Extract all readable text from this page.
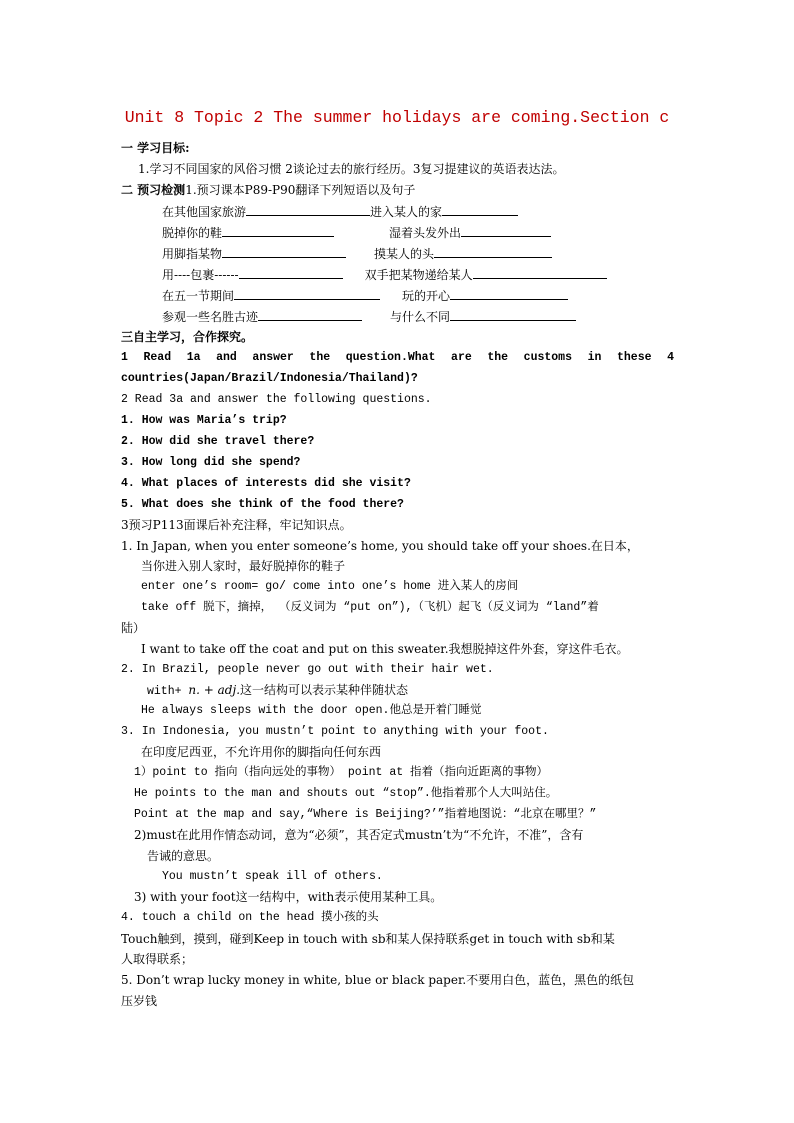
Unit 8 Topic 2 The summer holidays are coming.Section c
一 学习目标:
1.学习不同国家的风俗习惯 2谈论过去的旅行经历。3复习提建议的英语表达法。
二 预习检测1.预习课本P89-P90翻译下列短语以及句子
在其他国家旅游	进入某人的家
脱掉你的鞋	湿着头发外出
用脚指某物	摸某人的头
用----包裹------	双手把某物递给某人
在五一节期间	玩的开心
参观一些名胜古迹	与什么不同
三自主学习，合作探究。
1 Read 1a and answer the question.What are the customs in these 4
countries(Japan/Brazil/Indonesia/Thailand)?
2 Read 3a and answer the following questions.
1. How was Maria’s trip?
2. How did she travel there?
3. How long did she spend?
4. What places of interests did she visit?
5. What does she think of the food there?
3预习P113面课后补充注释，牢记知识点。
1. In Japan, when you enter someone’s home, you should take off your shoes.在日本，
当你进入别人家时，最好脱掉你的鞋子
enter one’s room= go/ come into one’s home 进入某人的房间
take off 脱下，摘掉， （反义词为 “put on”),（飞机）起飞（反义词为 “land”着
陆）
I want to take off the coat and put on this sweater.我想脱掉这件外套，穿这件毛衣。
2. In Brazil, people never go out with their hair wet.
with+ n. + adj.这一结构可以表示某种伴随状态
He always sleeps with the door open.他总是开着门睡觉
3. In Indonesia, you mustn’t point to anything with your foot.
在印度尼西亚，不允许用你的脚指向任何东西
1）point to 指向（指向远处的事物） point at 指着（指向近距离的事物）
He points to the man and shouts out “stop”.他指着那个人大叫站住。
Point at the map and say,“Where is Beijing?’”指着地图说：“北京在哪里？”
2)must在此用作情态动词，意为“必须”，其否定式mustn’t为“不允许，不准”，含有
告诫的意思。
You mustn’t speak ill of others.
3) with your foot这一结构中，with表示使用某种工具。
4. touch a child on the head 摸小孩的头
Touch触到，摸到，碰到Keep in touch with sb和某人保持联系get in touch with sb和某
人取得联系；
5. Don’t wrap lucky money in white, blue or black paper.不要用白色，蓝色，黑色的纸包
压岁钱
